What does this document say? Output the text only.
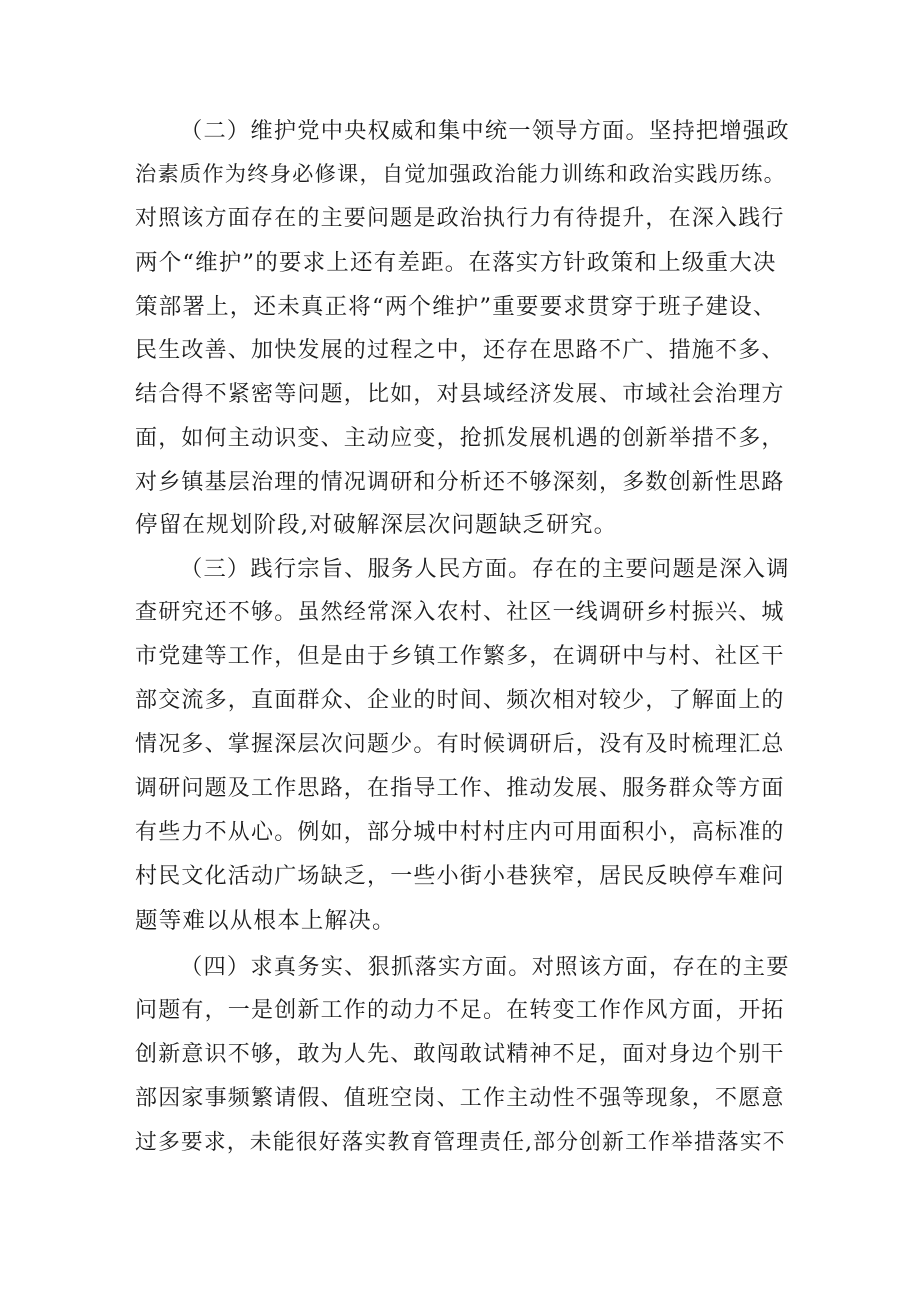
（二）维护党中央权威和集中统一领导方面。坚持把增强政
治素质作为终身必修课，自觉加强政治能力训练和政治实践历练。
对照该方面存在的主要问题是政治执行力有待提升，在深入践行
两个“维护”的要求上还有差距。在落实方针政策和上级重大决
策部署上，还未真正将“两个维护”重要要求贯穿于班子建设、
民生改善、加快发展的过程之中，还存在思路不广、措施不多、
结合得不紧密等问题，比如，对县域经济发展、市域社会治理方
面，如何主动识变、主动应变，抢抓发展机遇的创新举措不多，
对乡镇基层治理的情况调研和分析还不够深刻，多数创新性思路
停留在规划阶段,对破解深层次问题缺乏研究。
（三）践行宗旨、服务人民方面。存在的主要问题是深入调
查研究还不够。虽然经常深入农村、社区一线调研乡村振兴、城
市党建等工作，但是由于乡镇工作繁多，在调研中与村、社区干
部交流多，直面群众、企业的时间、频次相对较少，了解面上的
情况多、掌握深层次问题少。有时候调研后，没有及时梳理汇总
调研问题及工作思路，在指导工作、推动发展、服务群众等方面
有些力不从心。例如，部分城中村村庄内可用面积小，高标准的
村民文化活动广场缺乏，一些小街小巷狭窄，居民反映停车难问
题等难以从根本上解决。
（四）求真务实、狠抓落实方面。对照该方面，存在的主要
问题有，一是创新工作的动力不足。在转变工作作风方面，开拓
创新意识不够，敢为人先、敢闯敢试精神不足，面对身边个别干
部因家事频繁请假、值班空岗、工作主动性不强等现象，不愿意
过多要求，未能很好落实教育管理责任,部分创新工作举措落实不
